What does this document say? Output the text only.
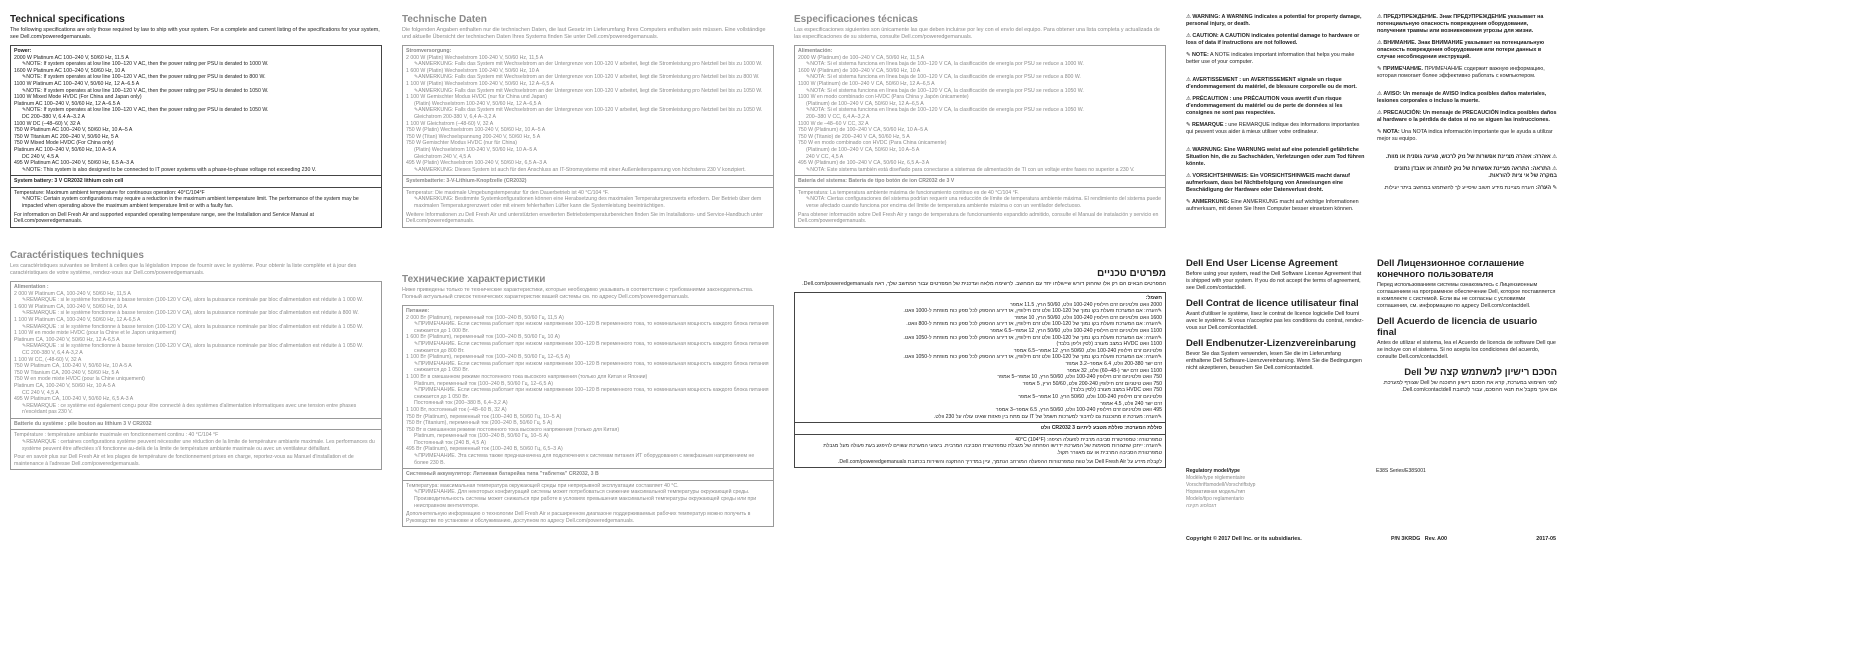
Technical specifications

The following specifications are only those required by law to ship with your system. For a complete and current listing of the specifications for your system, see Dell.com/poweredgemanuals.

Power:
2000 W Platinum AC 100–240 V, 50/60 Hz, 11.5 A
✎ NOTE: If system operates at low line 100–120 V AC, then the power rating per PSU is derated to 1000 W.
1600 W Platinum AC 100–240 V, 50/60 Hz, 10 A
✎ NOTE: If system operates at low line 100–120 V AC, then the power rating per PSU is derated to 800 W.
1100 W Platinum AC 100–240 V, 50/60 Hz, 12 A–6.5 A
✎ NOTE: If system operates at low line 100–120 V AC, then the power rating per PSU is derated to 1050 W.
1100 W Mixed Mode HVDC (For China and Japan only)
Platinum AC 100–240 V, 50/60 Hz, 12 A–6.5 A
✎ NOTE: If system operates at low line 100–120 V AC, then the power rating per PSU is derated to 1050 W.
DC 200–380 V, 6.4 A–3.2 A
1100 W DC (–48–60) V, 32 A
750 W Platinum AC 100–240 V, 50/60 Hz, 10 A–5 A
750 W Titanium AC 200–240 V, 50/60 Hz, 5 A
750 W Mixed Mode HVDC (For China only)
Platinum AC 100–240 V, 50/60 Hz, 10 A–5 A
DC 240 V, 4.5 A
495 W Platinum AC 100–240 V, 50/60 Hz, 6.5 A–3 A
✎ NOTE: This system is also designed to be connected to IT power systems with a phase-to-phase voltage not exceeding 230 V.
System battery: 3 V CR2032 lithium coin cell
Temperature: Maximum ambient temperature for continuous operation: 40°C/104°F
✎ NOTE: Certain system configurations may require a reduction in the maximum ambient temperature limit. The performance of the system may be impacted when operating above the maximum ambient temperature limit or with a faulty fan.
For information on Dell Fresh Air and supported expanded operating temperature range, see the Installation and Service Manual at Dell.com/poweredgemanuals.
Caractéristiques techniques

Les caractéristiques suivantes se limitent à celles que la législation impose de fournir avec le système. Pour obtenir la liste complète et à jour des caractéristiques de votre système, rendez-vous sur Dell.com/poweredgemanuals.

Alimentation :
2 000 W Platinum CA, 100-240 V, 50/60 Hz, 11,5 A
✎ REMARQUE : si le système fonctionne à basse tension (100-120 V CA), alors la puissance nominale par bloc d'alimentation est réduite à 1 000 W.
1 600 W Platinum CA, 100-240 V, 50/60 Hz, 10 A
✎ REMARQUE : si le système fonctionne à basse tension (100-120 V CA), alors la puissance nominale par bloc d'alimentation est réduite à 800 W.
1 100 W Platinum CA, 100-240 V, 50/60 Hz, 12 A-6,5 A
✎ REMARQUE : si le système fonctionne à basse tension (100-120 V CA), alors la puissance nominale par bloc d'alimentation est réduite à 1 050 W.
1 100 W en mode mixte HVDC (pour la Chine et le Japon uniquement)
Platinum CA, 100-240 V, 50/60 Hz, 12 A-6,5 A
✎ REMARQUE : si le système fonctionne à basse tension (100-120 V CA), alors la puissance nominale par bloc d'alimentation est réduite à 1 050 W.
CC 200-380 V, 6,4 A-3,2 A
1 100 W CC, (-48-60) V, 32 A
750 W Platinum CA, 100-240 V, 50/60 Hz, 10 A-5 A
750 W Titanium CA, 200-240 V, 50/60 Hz, 5 A
750 W en mode mixte HVDC (pour la Chine uniquement)
Platinum CA, 100-240 V, 50/60 Hz, 10 A-5 A
CC 240 V, 4,5 A
495 W Platinum CA, 100-240 V, 50/60 Hz, 6,5 A-3 A
✎ REMARQUE : ce système est également conçu pour être connecté à des systèmes d'alimentation informatiques avec une tension entre phases n'excédant pas 230 V.
Batterie du système : pile bouton au lithium 3 V CR2032
Température : température ambiante maximale en fonctionnement continu : 40 °C/104 °F
✎ REMARQUE : certaines configurations système peuvent nécessiter une réduction de la limite de température ambiante maximale. Les performances du système peuvent être affectées s'il fonctionne au-delà de la limite de température ambiante maximale ou avec un ventilateur défaillant.
Pour en savoir plus sur Dell Fresh Air et les plages de température de fonctionnement prises en charge, reportez-vous au Manuel d'installation et de maintenance à l'adresse Dell.com/poweredgemanuals.
Technische Daten

Die folgenden Angaben enthalten nur die technischen Daten, die laut Gesetz im Lieferumfang Ihres Computers enthalten sein müssen. Eine vollständige und aktuelle Übersicht der technischen Daten Ihres Systems finden Sie unter Dell.com/poweredgemanuals.

Stromversorgung:
2 000 W (Platin) Wechselstrom 100-240 V, 50/60 Hz, 11,5 A
✎ ANMERKUNG: Falls das System mit Wechselstrom an der Untergrenze von 100-120 V arbeitet, liegt die Stromleistung pro Netzteil bei bis zu 1000 W.
1 600 W (Platin) Wechselstrom 100-240 V, 50/60 Hz, 10 A
✎ ANMERKUNG: Falls das System mit Wechselstrom an der Untergrenze von 100-120 V arbeitet, liegt die Stromleistung pro Netzteil bei bis zu 800 W.
1 100 W (Platin) Wechselstrom 100-240 V, 50/60 Hz, 12 A–6,5 A
✎ ANMERKUNG: Falls das System mit Wechselstrom an der Untergrenze von 100-120 V arbeitet, liegt die Stromleistung pro Netzteil bei bis zu 1050 W.
1 100 W Gemischter Modus HVDC (nur für China und Japan)
(Platin) Wechselstrom 100-240 V, 50/60 Hz, 12 A–6,5 A
✎ ANMERKUNG: Falls das System mit Wechselstrom an der Untergrenze von 100-120 V arbeitet, liegt die Stromleistung pro Netzteil bei bis zu 1050 W.
Gleichstrom 200-380 V, 6,4 A–3,2 A
1 100 W Gleichstrom (–48-60) V, 32 A
750 W (Platin) Wechselstrom 100-240 V, 50/60 Hz, 10 A–5 A
750 W (Titan) Wechselspannung 200-240 V, 50/60 Hz, 5 A
750 W Gemischter Modus HVDC (nur für China)
(Platin) Wechselstrom 100-240 V, 50/60 Hz, 10 A–5 A
Gleichstrom 240 V, 4,5 A
495 W (Platin) Wechselstrom 100-240 V, 50/60 Hz, 6,5 A–3 A
✎ ANMERKUNG: Dieses System ist auch für den Anschluss an IT-Stromsysteme mit einer Außenleiterspannung von höchstens 230 V konzipiert.
Systembatterie: 3-V-Lithium-Knopfzelle (CR2032)
Temperatur: Die maximale Umgebungstemperatur für den Dauerbetrieb ist 40 °C/104 °F.
✎ ANMERKUNG: Bestimmte Systemkonfigurationen können eine Herabsetzung des maximalen Temperaturgrenzwerts erfordern. Der Betrieb über dem maximalen Temperaturgrenzwert oder mit einem fehlerhaften Lüfter kann die Systemleistung beeinträchtigen.
Weitere Informationen zu Dell Fresh Air und unterstützten erweiterten Betriebstemperaturbereichen finden Sie im Installations- und Service-Handbuch unter Dell.com/poweredgemanuals.
Технические характеристики

Ниже приведены только те технические характеристики, которые необходимо указывать в соответствии с требованиями законодательства. Полный актуальный список технических характеристик вашей системы см. по адресу Dell.com/poweredgemanuals.

Питание:
2 000 Вт (Platinum), переменный ток (100–240 В, 50/60 Гц, 11,5 А)
✎ ПРИМЕЧАНИЕ. Если система работает при низком напряжении 100–120 В переменного тока, то номинальная мощность каждого блока питания снижается до 1 000 Вт.
1 600 Вт (Platinum), переменный ток (100–240 В, 50/60 Гц, 10 А)
✎ ПРИМЕЧАНИЕ. Если система работает при низком напряжении 100–120 В переменного тока, то номинальная мощность каждого блока питания снижается до 800 Вт.
1 100 Вт (Platinum), переменный ток (100–240 В, 50/60 Гц, 12–6,5 А)
✎ ПРИМЕЧАНИЕ. Если система работает при низком напряжении 100–120 В переменного тока, то номинальная мощность каждого блока питания снижается до 1 050 Вт.
1 100 Вт в смешанном режиме постоянного тока высокого напряжения (только для Китая и Японии)
Platinum, переменный ток (100–240 В, 50/60 Гц, 12–6,5 А)
✎ ПРИМЕЧАНИЕ. Если система работает при низком напряжении 100–120 В переменного тока, то номинальная мощность каждого блока питания снижается до 1 050 Вт.
Постоянный ток (200–380 В, 6,4–3,2 А)
1 100 Вт, постоянный ток (–48–60 В, 32 А)
750 Вт (Platinum), переменный ток (100–240 В, 50/60 Гц, 10–5 А)
750 Вт (Titanium), переменный ток (200–240 В, 50/60 Гц, 5 А)
750 Вт в смешанном режиме постоянного тока высокого напряжения (только для Китая)
Platinum, переменный ток (100–240 В, 50/60 Гц, 10–5 А)
Постоянный ток (240 В, 4,5 А)
495 Вт (Platinum), переменный ток (100–240 В, 50/60 Гц, 6,5–3 А)
✎ ПРИМЕЧАНИЕ. Эта система также предназначена для подключения к системам питания ИТ оборудования с межфазным напряжением не более 230 В.
Системный аккумулятор: Литиевая батарейка типа "таблетка" CR2032, 3 В
Температура: максимальная температура окружающей среды при непрерывной эксплуатации составляет 40 °C.
✎ ПРИМЕЧАНИЕ. Для некоторых конфигураций системы может потребоваться снижение максимальной температуры окружающей среды. Производительность системы может снижаться при работе в условиях превышения максимальной температуры окружающей среды или при неисправном вентиляторе.
Дополнительную информацию о технологии Dell Fresh Air и расширенном диапазоне поддерживаемых рабочих температур можно получить в Руководстве по установке и обслуживанию, доступном по адресу Dell.com/poweredgemanuals.
Especificaciones técnicas

Las especificaciones siguientes son únicamente las que deben incluirse por ley con el envío del equipo. Para obtener una lista completa y actualizada de las especificaciones de su sistema, consulte Dell.com/poweredgemanuals.

Alimentación:
2000 W (Platinum) de 100–240 V CA, 50/60 Hz, 11,5 A
✎ NOTA: Si el sistema funciona en línea baja de 100–120 V CA, la clasificación de energía por PSU se reduce a 1000 W.
1600 W (Platinum) de 100–240 V CA, 50/60 Hz, 10 A
✎ NOTA: Si el sistema funciona en línea baja de 100–120 V CA, la clasificación de energía por PSU se reduce a 800 W.
1100 W (Platinum) de 100–240 V CA, 50/60 Hz, 12 A–6,5 A
✎ NOTA: Si el sistema funciona en línea baja de 100–120 V CA, la clasificación de energía por PSU se reduce a 1050 W.
1100 W en modo combinado con HVDC (Para China y Japón únicamente)
(Platinum) de 100–240 V CA, 50/60 Hz, 12 A–6,5 A
✎ NOTA: Si el sistema funciona en línea baja de 100–120 V CA, la clasificación de energía por PSU se reduce a 1050 W.
200–380 V CC, 6,4 A–3,2 A
1100 W de –48–60 V CC, 32 A
750 W (Platinum) de 100–240 V CA, 50/60 Hz, 10 A–5 A
750 W (Titanio) de 200–240 V CA, 50/60 Hz, 5 A
750 W en modo combinado con HVDC (Para China únicamente)
(Platinum) de 100–240 V CA, 50/60 Hz, 10 A–5 A
240 V CC, 4,5 A
495 W (Platinum) de 100–240 V CA, 50/60 Hz, 6,5 A–3 A
✎ NOTA: Este sistema también está diseñado para conectarse a sistemas de alimentación de TI con un voltaje entre fases no superior a 230 V.
Batería del sistema: Batería de tipo botón de ion CR2032 de 3 V
Temperatura: La temperatura ambiente máxima de funcionamiento continuo es de 40 °C/104 °F.
✎ NOTA: Ciertas configuraciones del sistema podrían requerir una reducción de límite de temperatura ambiente máxima. El rendimiento del sistema puede verse afectado cuando funciona por encima del límite de temperatura ambiente máxima o con un ventilador defectuoso.
Para obtener información sobre Dell Fresh Air y rango de temperatura de funcionamiento expandido admitido, consulte el Manual de instalación y servicio en Dell.com/poweredgemanuals.
מפרטים טכניים

המפרטים הבאים הם רק אלו שהחוק דורש שיישלחו יחד עם המחשב. לרשימה מלאה ועדכנית של המפרטים עבור המחשב שלך, ראה Dell.com/poweredgemanuals.

חשמל:
2000 וואט פלטיניום זרם חילופין 100-240 וולט, 50/60 הרץ, 11.5 אמפר
✎ הערה: אם המערכת פועלת בקו נמוך של 100-120 וולט זרם חילופין, אז דירוג ההספק לכל ספק כוח מופחת ל-1000 וואט.
1600 וואט פלטיניום זרם חילופין 100-240 וולט, 50/60 הרץ, 10 אמפר
✎ הערה: אם המערכת פועלת בקו נמוך של 100-120 וולט זרם חילופין, אז דירוג ההספק לכל ספק כוח מופחת ל-800 וואט.
1100 וואט פלטיניום זרם חילופין 100-240 וולט, 50/60 הרץ, 12 אמפר–6.5 אמפר
✎ הערה: אם המערכת פועלת בקו נמוך של 100-120 וולט זרם חילופין, אז דירוג ההספק לכל ספק כוח מופחת ל-1050 וואט.
1100 וואט HVDC במצב מעורב (לסין וליפן בלבד)
פלטיניום זרם חילופין 100-240 וולט, 50/60 הרץ, 12 אמפר–6.5 אמפר
✎ הערה: אם המערכת פועלת בקו נמוך של 100-120 וולט זרם חילופין, אז דירוג ההספק לכל ספק כוח מופחת ל-1050 וואט.
זרם ישר 200-380 וולט, 6.4 אמפר–3.2 אמפר
1100 וואט זרם ישר (-48–60) וולט, 32 אמפר
750 וואט פלטיניום זרם חילופין 100-240 וולט, 50/60 הרץ, 10 אמפר–5 אמפר
750 וואט טיטניום זרם חילופין 200-240 וולט, 50/60 הרץ, 5 אמפר
750 וואט HVDC במצב מעורב (לסין בלבד)
פלטיניום זרם חילופין 100-240 וולט, 50/60 הרץ, 10 אמפר–5 אמפר
זרם ישר 240 וולט, 4.5 אמפר
495 וואט פלטיניום זרם חילופין 100-240 וולט, 50/60 הרץ, 6.5 אמפר–3 אמפר
✎ הערה: מערכת זו מתוכננת גם לחיבור למערכות חשמל של IT עם מתח בין פאזות שאינו עולה על 230 וולט.
סוללת המערכת: סוללת מטבע ליתיום CR2032 3 וולט
טמפרטורה: טמפרטורת סביבה מרבית לפעולה רציפה: 40°C (104°F)
✎ הערה: ייתכן שתצורות מסוימות של המערכת ידרשו הפחתה של מגבלת טמפרטורת הסביבה המרבית. ביצועי המערכת עשויים להיפגע בעת פעולה מעל מגבלת טמפרטורת הסביבה המרבית או עם מאוורר תקול.
לקבלת מידע על Dell Fresh Air ועל טווח טמפרטורות ההפעלה המורחב הנתמך, עיין במדריך ההתקנה והשירות בכתובת Dell.com/poweredgemanuals.
⚠ WARNING: A WARNING indicates a potential for property damage, personal injury, or death.
⚠ CAUTION: A CAUTION indicates potential damage to hardware or loss of data if instructions are not followed.
✎ NOTE: A NOTE indicates important information that helps you make better use of your computer.
⚠ AVERTISSEMENT : un AVERTISSEMENT signale un risque d'endommagement du matériel, de blessure corporelle ou de mort.
⚠ PRÉCAUTION : une PRÉCAUTION vous avertit d'un risque d'endommagement du matériel ou de perte de données si les consignes ne sont pas respectées.
✎ REMARQUE : une REMARQUE indique des informations importantes qui peuvent vous aider à mieux utiliser votre ordinateur.
⚠ WARNUNG: Eine WARNUNG weist auf eine potenziell gefährliche Situation hin, die zu Sachschäden, Verletzungen oder zum Tod führen könnte.
⚠ VORSICHTSHINWEIS: Ein VORSICHTSHINWEIS macht darauf aufmerksam, dass bei Nichtbefolgung von Anweisungen eine Beschädigung der Hardware oder Datenverlust droht.
✎ ANMERKUNG: Eine ANMERKUNG macht auf wichtige Informationen aufmerksam, mit denen Sie Ihren Computer besser einsetzen können.
⚠ ПРЕДУПРЕЖДЕНИЕ. Знак ПРЕДУПРЕЖДЕНИЕ указывает на потенциальную опасность повреждения оборудования, получения травмы или возникновения угрозы для жизни.
⚠ ВНИМАНИЕ. Знак ВНИМАНИЕ указывает на потенциальную опасность повреждения оборудования или потери данных в случае несоблюдения инструкций.
✎ ПРИМЕЧАНИЕ. ПРИМЕЧАНИЕ содержит важную информацию, которая помогает более эффективно работать с компьютером.
⚠ AVISO: Un mensaje de AVISO indica posibles daños materiales, lesiones corporales o incluso la muerte.
⚠ PRECAUCIÓN: Un mensaje de PRECAUCIÓN indica posibles daños al hardware o la pérdida de datos si no se siguen las instrucciones.
✎ NOTA: Una NOTA indica información importante que le ayuda a utilizar mejor su equipo.
⚠ אזהרה: אזהרה מציינת אפשרות של נזק לרכוש, פגיעה גופנית או מוות.
⚠ התראה: התראה מציינת אפשרות של נזק לחומרה או אובדן נתונים במקרה של אי ציות להוראות.
✎ הערה: הערה מציינת מידע חשוב שיסייע לך להשתמש במחשב ביתר יעילות.
Dell End User License Agreement

Before using your system, read the Dell Software License Agreement that is shipped with your system. If you do not accept the terms of agreement, see Dell.com/contactdell.

Dell Contrat de licence utilisateur final

Avant d'utiliser le système, lisez le contrat de licence logicielle Dell fourni avec le système. Si vous n'acceptez pas les conditions du contrat, rendez-vous sur Dell.com/contactdell.

Dell Endbenutzer-Lizenzvereinbarung

Bevor Sie das System verwenden, lesen Sie die im Lieferumfang enthaltene Dell Software-Lizenzvereinbarung. Wenn Sie die Bedingungen nicht akzeptieren, besuchen Sie Dell.com/contactdell.

Dell Лицензионное соглашение конечного пользователя

Перед использованием системы ознакомьтесь с Лицензионным соглашением на программное обеспечение Dell, которое поставляется в комплекте с системой. Если вы не согласны с условиями соглашения, см. информацию по адресу Dell.com/contactdell.

Dell Acuerdo de licencia de usuario final

Antes de utilizar el sistema, lea el Acuerdo de licencia de software Dell que se incluye con el sistema. Si no acepta los condiciones del acuerdo, consulte Dell.com/contactdell.

הסכם רישיון למשתמש קצה של Dell

לפני השימוש במערכת, קרא את הסכם רישיון התוכנה של Dell שצורף למערכת. אם אינך מקבל את תנאי ההסכם, עבור לכתובת Dell.com/contactdell.

Regulatory model/type	E38S Series/E38S001
Modèle/type réglementaire
Vorschriftsmodell/Vorschriftstyp
Нормативная модель/тип
Modelo/tipo reglamentario
דגם/סוג תקינה
Copyright © 2017 Dell Inc. or its subsidiaries.	P/N 3KRDG Rev. A00	2017-05
